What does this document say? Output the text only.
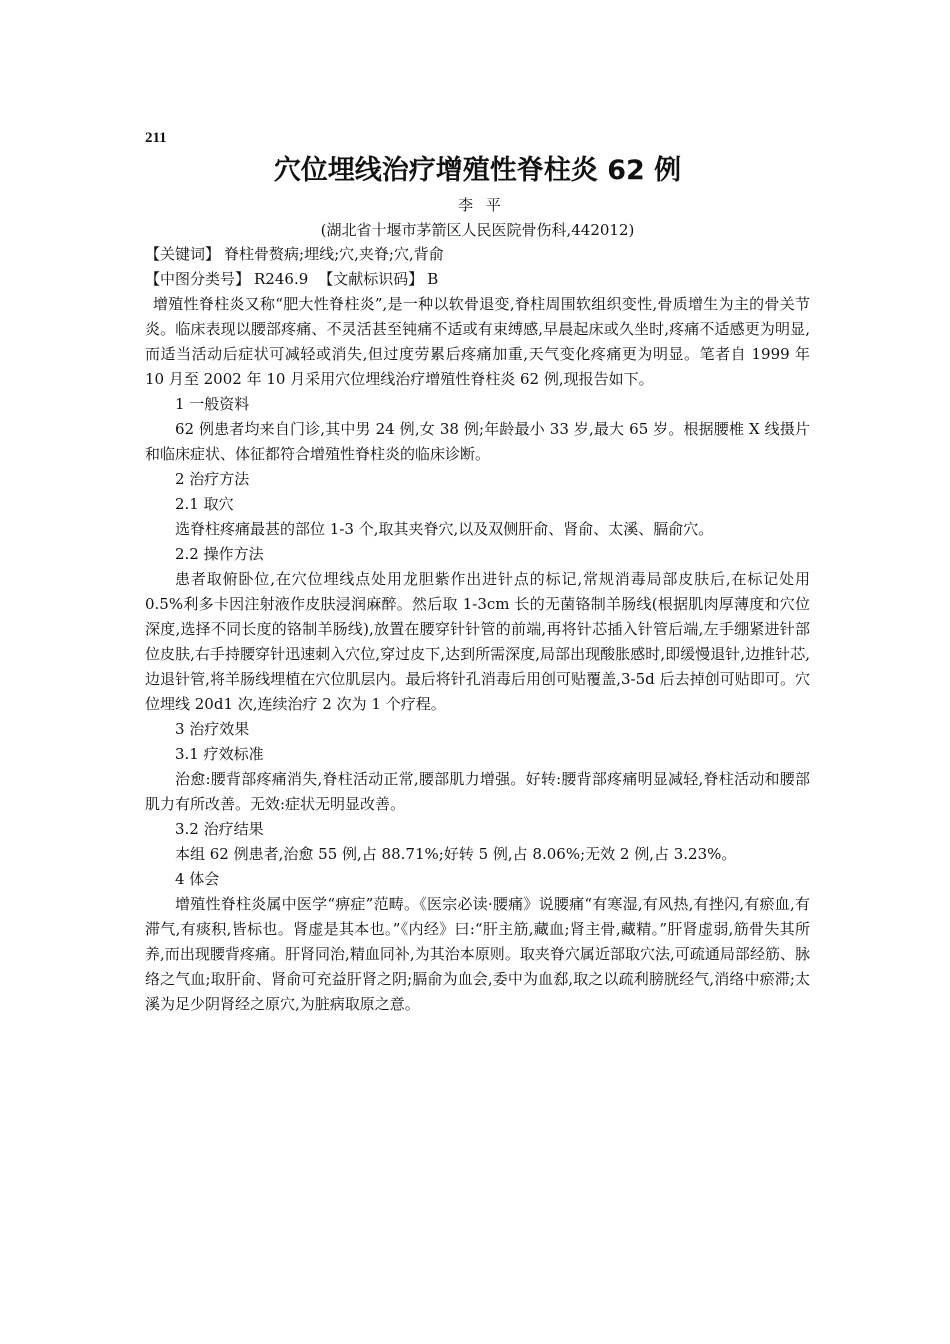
211
穴位埋线治疗增殖性脊柱炎 62 例
李 平
(湖北省十堰市茅箭区人民医院骨伤科,442012)
【关键词】 脊柱骨赘病;埋线;穴,夹脊;穴,背俞
【中图分类号】 R246.9 【文献标识码】 B

增殖性脊柱炎又称“肥大性脊柱炎”,是一种以软骨退变,脊柱周围软组织变性,骨质增生为主的骨关节炎。临床表现以腰部疼痛、不灵活甚至钝痛不适或有束缚感,早晨起床或久坐时,疼痛不适感更为明显,而适当活动后症状可减轻或消失,但过度劳累后疼痛加重,天气变化疼痛更为明显。笔者自 1999 年 10 月至 2002 年 10 月采用穴位埋线治疗增殖性脊柱炎 62 例,现报告如下。

1 一般资料

62 例患者均来自门诊,其中男 24 例,女 38 例;年龄最小 33 岁,最大 65 岁。根据腰椎 X 线摄片和临床症状、体征都符合增殖性脊柱炎的临床诊断。

2 治疗方法
2.1 取穴

选脊柱疼痛最甚的部位 1-3 个,取其夹脊穴,以及双侧肝俞、肾俞、太溪、膈俞穴。

2.2 操作方法

患者取俯卧位,在穴位埋线点处用龙胆紫作出进针点的标记,常规消毒局部皮肤后,在标记处用 0.5%利多卡因注射液作皮肤浸润麻醉。然后取 1-3cm 长的无菌铬制羊肠线(根据肌肉厚薄度和穴位深度,选择不同长度的铬制羊肠线),放置在腰穿针针管的前端,再将针芯插入针管后端,左手绷紧进针部位皮肤,右手持腰穿针迅速刺入穴位,穿过皮下,达到所需深度,局部出现酸胀感时,即缓慢退针,边推针芯,边退针管,将羊肠线埋植在穴位肌层内。最后将针孔消毒后用创可贴覆盖,3-5d 后去掉创可贴即可。穴位埋线 20d1 次,连续治疗 2 次为 1 个疗程。

3 治疗效果
3.1 疗效标准

治愈:腰背部疼痛消失,脊柱活动正常,腰部肌力增强。好转:腰背部疼痛明显减轻,脊柱活动和腰部肌力有所改善。无效:症状无明显改善。

3.2 治疗结果

本组 62 例患者,治愈 55 例,占 88.71%;好转 5 例,占 8.06%;无效 2 例,占 3.23%。

4 体会

增殖性脊柱炎属中医学“痹症”范畴。《医宗必读·腰痛》说腰痛“有寒湿,有风热,有挫闪,有瘀血,有滞气,有痰积,皆标也。肾虚是其本也。”《内经》曰:“肝主筋,藏血;肾主骨,藏精。”肝肾虚弱,筋骨失其所养,而出现腰背疼痛。肝肾同治,精血同补,为其治本原则。取夹脊穴属近部取穴法,可疏通局部经筋、脉络之气血;取肝俞、肾俞可充益肝肾之阴;膈俞为血会,委中为血郄,取之以疏利膀胱经气,消络中瘀滞;太溪为足少阴肾经之原穴,为脏病取原之意。
